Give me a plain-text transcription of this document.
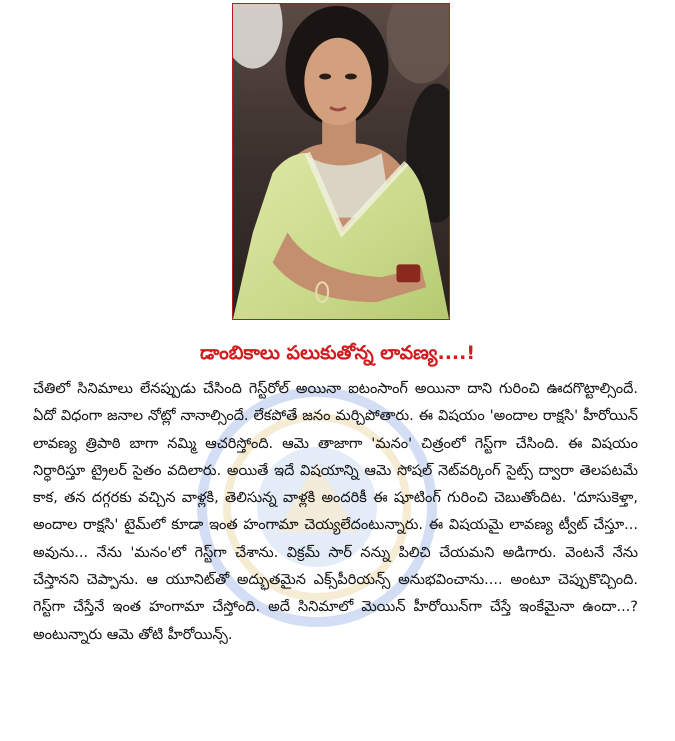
డాంబికాలు పలుకుతోన్న లావణ్య....!

చేతిలో సినిమాలు లేనప్పుడు చేసింది గెస్ట్‌రోల్ అయినా ఐటంసాంగ్ అయినా దాని గురించి ఊదగొట్టాల్సిందే. ఏదో విధంగా జనాల నోట్లో నానాల్సిందే. లేకపోతే జనం మర్చిపోతారు. ఈ విషయం 'అందాల రాక్షసి' హీరోయిన్ లావణ్య త్రిపాఠి బాగా నమ్మి ఆచరిస్తోంది. ఆమె తాజాగా 'మనం' చిత్రంలో గెస్ట్‌గా చేసింది. ఈ విషయం నిర్ధారిస్తూ ట్రైలర్ సైతం వదిలారు. అయితే ఇదే విషయాన్ని ఆమె సోషల్ నెట్‌వర్కింగ్ సైట్స్ ద్వారా తెలపటమే కాక, తన దగ్గరకు వచ్చిన వాళ్లకి, తెలిసున్న వాళ్లకి అందరికీ ఈ షూటింగ్ గురించి చెబుతోందిట. 'దూసుకెళ్తా, అందాల రాక్షసి' టైమ్‌లో కూడా ఇంత హంగామా చెయ్యలేదంటున్నారు. ఈ విషయమై లావణ్య ట్వీట్ చేస్తూ... అవును... నేను 'మనం'లో గెస్ట్‌గా చేశాను. విక్రమ్ సార్ నన్ను పిలిచి చేయమని అడిగారు. వెంటనే నేను చేస్తానని చెప్పాను. ఆ యూనిట్‌తో అద్భుతమైన ఎక్స్‌పీరియన్స్ అనుభవించాను.... అంటూ చెప్పుకొచ్చింది. గెస్ట్‌గా చేస్తేనే ఇంత హంగామా చేస్తోంది. అదే సినిమాలో మెయిన్ హీరోయిన్‌గా చేస్తే ఇంకేమైనా ఉందా...? అంటున్నారు ఆమె తోటి హీరోయిన్స్.
